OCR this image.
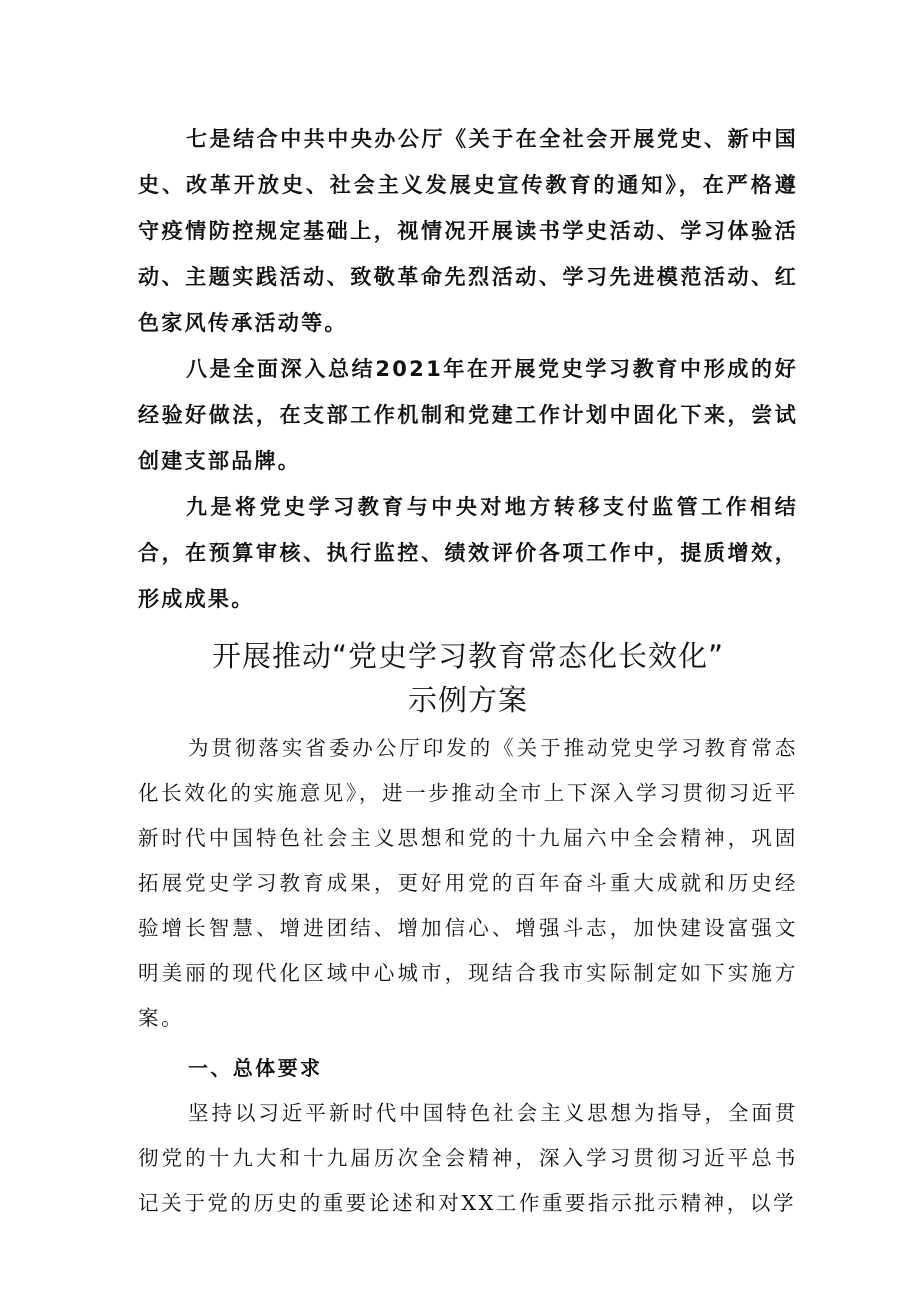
七是结合中共中央办公厅《关于在全社会开展党史、新中国史、改革开放史、社会主义发展史宣传教育的通知》，在严格遵守疫情防控规定基础上，视情况开展读书学史活动、学习体验活动、主题实践活动、致敬革命先烈活动、学习先进模范活动、红色家风传承活动等。

八是全面深入总结2021年在开展党史学习教育中形成的好经验好做法，在支部工作机制和党建工作计划中固化下来，尝试创建支部品牌。

九是将党史学习教育与中央对地方转移支付监管工作相结合，在预算审核、执行监控、绩效评价各项工作中，提质增效，形成成果。

开展推动“党史学习教育常态化长效化”

示例方案

为贯彻落实省委办公厅印发的《关于推动党史学习教育常态化长效化的实施意见》，进一步推动全市上下深入学习贯彻习近平新时代中国特色社会主义思想和党的十九届六中全会精神，巩固拓展党史学习教育成果，更好用党的百年奋斗重大成就和历史经验增长智慧、增进团结、增加信心、增强斗志，加快建设富强文明美丽的现代化区域中心城市，现结合我市实际制定如下实施方案。

一、总体要求

坚持以习近平新时代中国特色社会主义思想为指导，全面贯彻党的十九大和十九届历次全会精神，深入学习贯彻习近平总书记关于党的历史的重要论述和对XX工作重要指示批示精神，以学
